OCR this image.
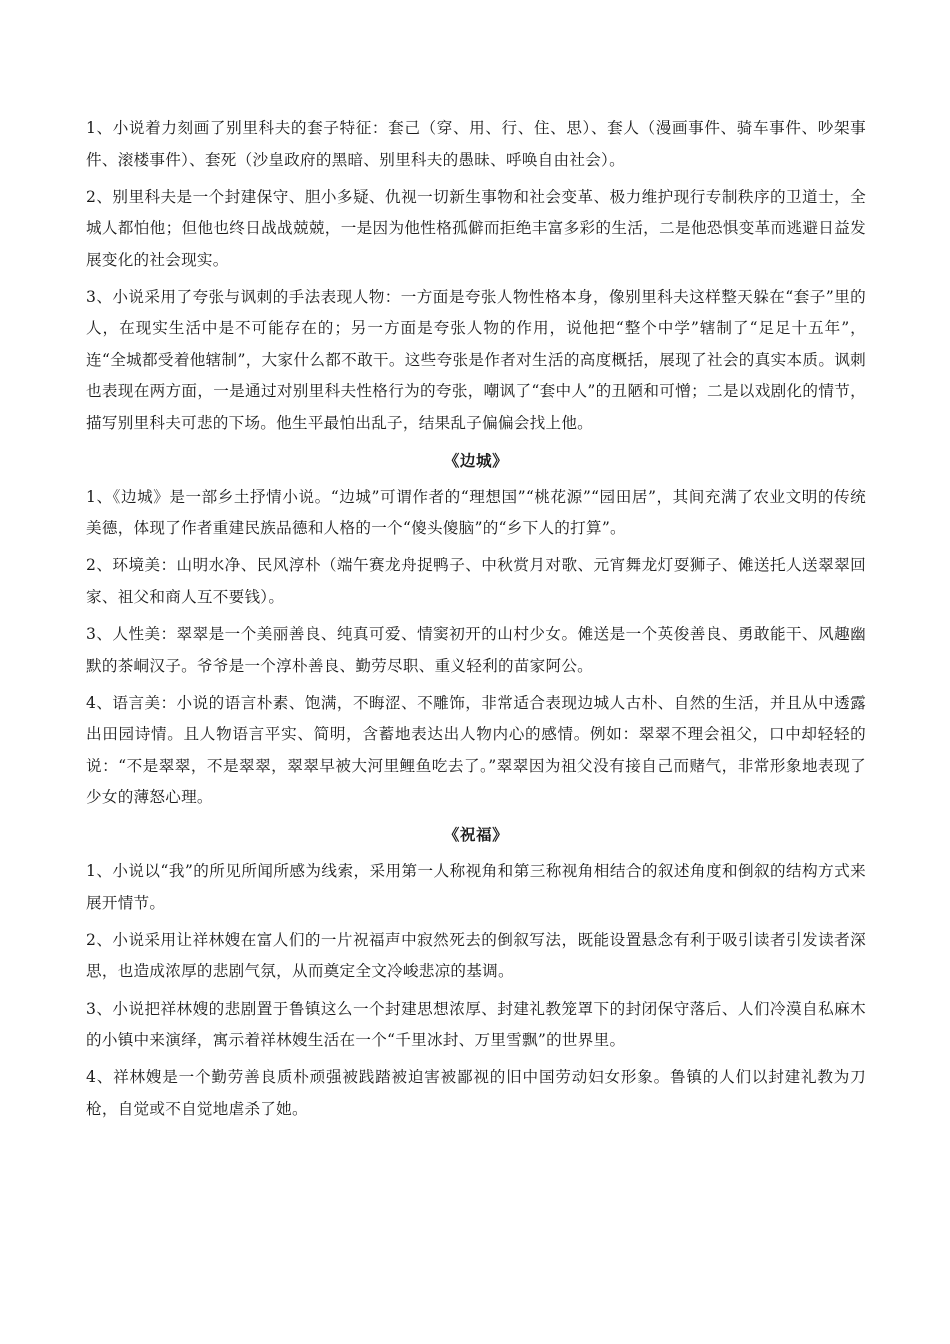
1、小说着力刻画了别里科夫的套子特征：套己（穿、用、行、住、思）、套人（漫画事件、骑车事件、吵架事件、滚楼事件）、套死（沙皇政府的黑暗、别里科夫的愚昧、呼唤自由社会）。

2、别里科夫是一个封建保守、胆小多疑、仇视一切新生事物和社会变革、极力维护现行专制秩序的卫道士，全城人都怕他；但他也终日战战兢兢，一是因为他性格孤僻而拒绝丰富多彩的生活，二是他恐惧变革而逃避日益发展变化的社会现实。

3、小说采用了夸张与讽刺的手法表现人物：一方面是夸张人物性格本身，像别里科夫这样整天躲在“套子”里的人，在现实生活中是不可能存在的；另一方面是夸张人物的作用，说他把“整个中学”辖制了“足足十五年”，连“全城都受着他辖制”，大家什么都不敢干。这些夸张是作者对生活的高度概括，展现了社会的真实本质。讽刺也表现在两方面，一是通过对别里科夫性格行为的夸张，嘲讽了“套中人”的丑陋和可憎；二是以戏剧化的情节，描写别里科夫可悲的下场。他生平最怕出乱子，结果乱子偏偏会找上他。

《边城》

1、《边城》是一部乡土抒情小说。“边城”可谓作者的“理想国”“桃花源”“园田居”，其间充满了农业文明的传统美德，体现了作者重建民族品德和人格的一个“傻头傻脑”的“乡下人的打算”。

2、环境美：山明水净、民风淳朴（端午赛龙舟捉鸭子、中秋赏月对歌、元宵舞龙灯耍狮子、傩送托人送翠翠回家、祖父和商人互不要钱）。

3、人性美：翠翠是一个美丽善良、纯真可爱、情窦初开的山村少女。傩送是一个英俊善良、勇敢能干、风趣幽默的茶峒汉子。爷爷是一个淳朴善良、勤劳尽职、重义轻利的苗家阿公。

4、语言美：小说的语言朴素、饱满，不晦涩、不雕饰，非常适合表现边城人古朴、自然的生活，并且从中透露出田园诗情。且人物语言平实、简明，含蓄地表达出人物内心的感情。例如：翠翠不理会祖父，口中却轻轻的说：“不是翠翠，不是翠翠，翠翠早被大河里鲤鱼吃去了。”翠翠因为祖父没有接自己而赌气，非常形象地表现了少女的薄怒心理。

《祝福》

1、小说以“我”的所见所闻所感为线索，采用第一人称视角和第三称视角相结合的叙述角度和倒叙的结构方式来展开情节。

2、小说采用让祥林嫂在富人们的一片祝福声中寂然死去的倒叙写法，既能设置悬念有利于吸引读者引发读者深思，也造成浓厚的悲剧气氛，从而奠定全文冷峻悲凉的基调。

3、小说把祥林嫂的悲剧置于鲁镇这么一个封建思想浓厚、封建礼教笼罩下的封闭保守落后、人们冷漠自私麻木的小镇中来演绎，寓示着祥林嫂生活在一个“千里冰封、万里雪飘”的世界里。

4、祥林嫂是一个勤劳善良质朴顽强被践踏被迫害被鄙视的旧中国劳动妇女形象。鲁镇的人们以封建礼教为刀枪，自觉或不自觉地虐杀了她。
